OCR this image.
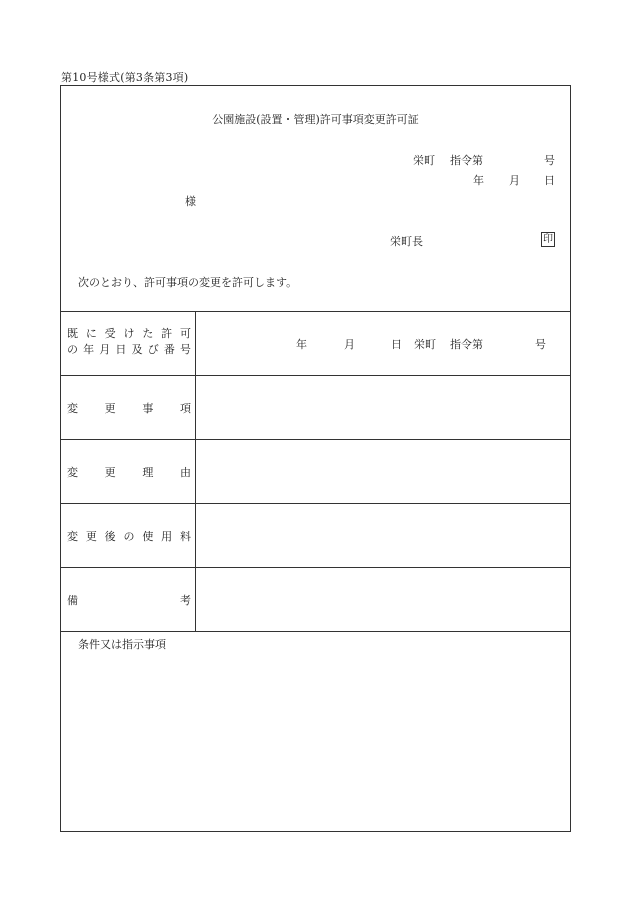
第10号様式(第3条第3項)
公園施設(設置・管理)許可事項変更許可証
栄町 指令第	号
年 月 日
様
栄町長	印
次のとおり、許可事項の変更を許可します。
既に受けた許可
の年月日及び番号	年	月	日 栄町 指令第	号
変更事項
変更理由
変更後の使用料
備考
条件又は指示事項
